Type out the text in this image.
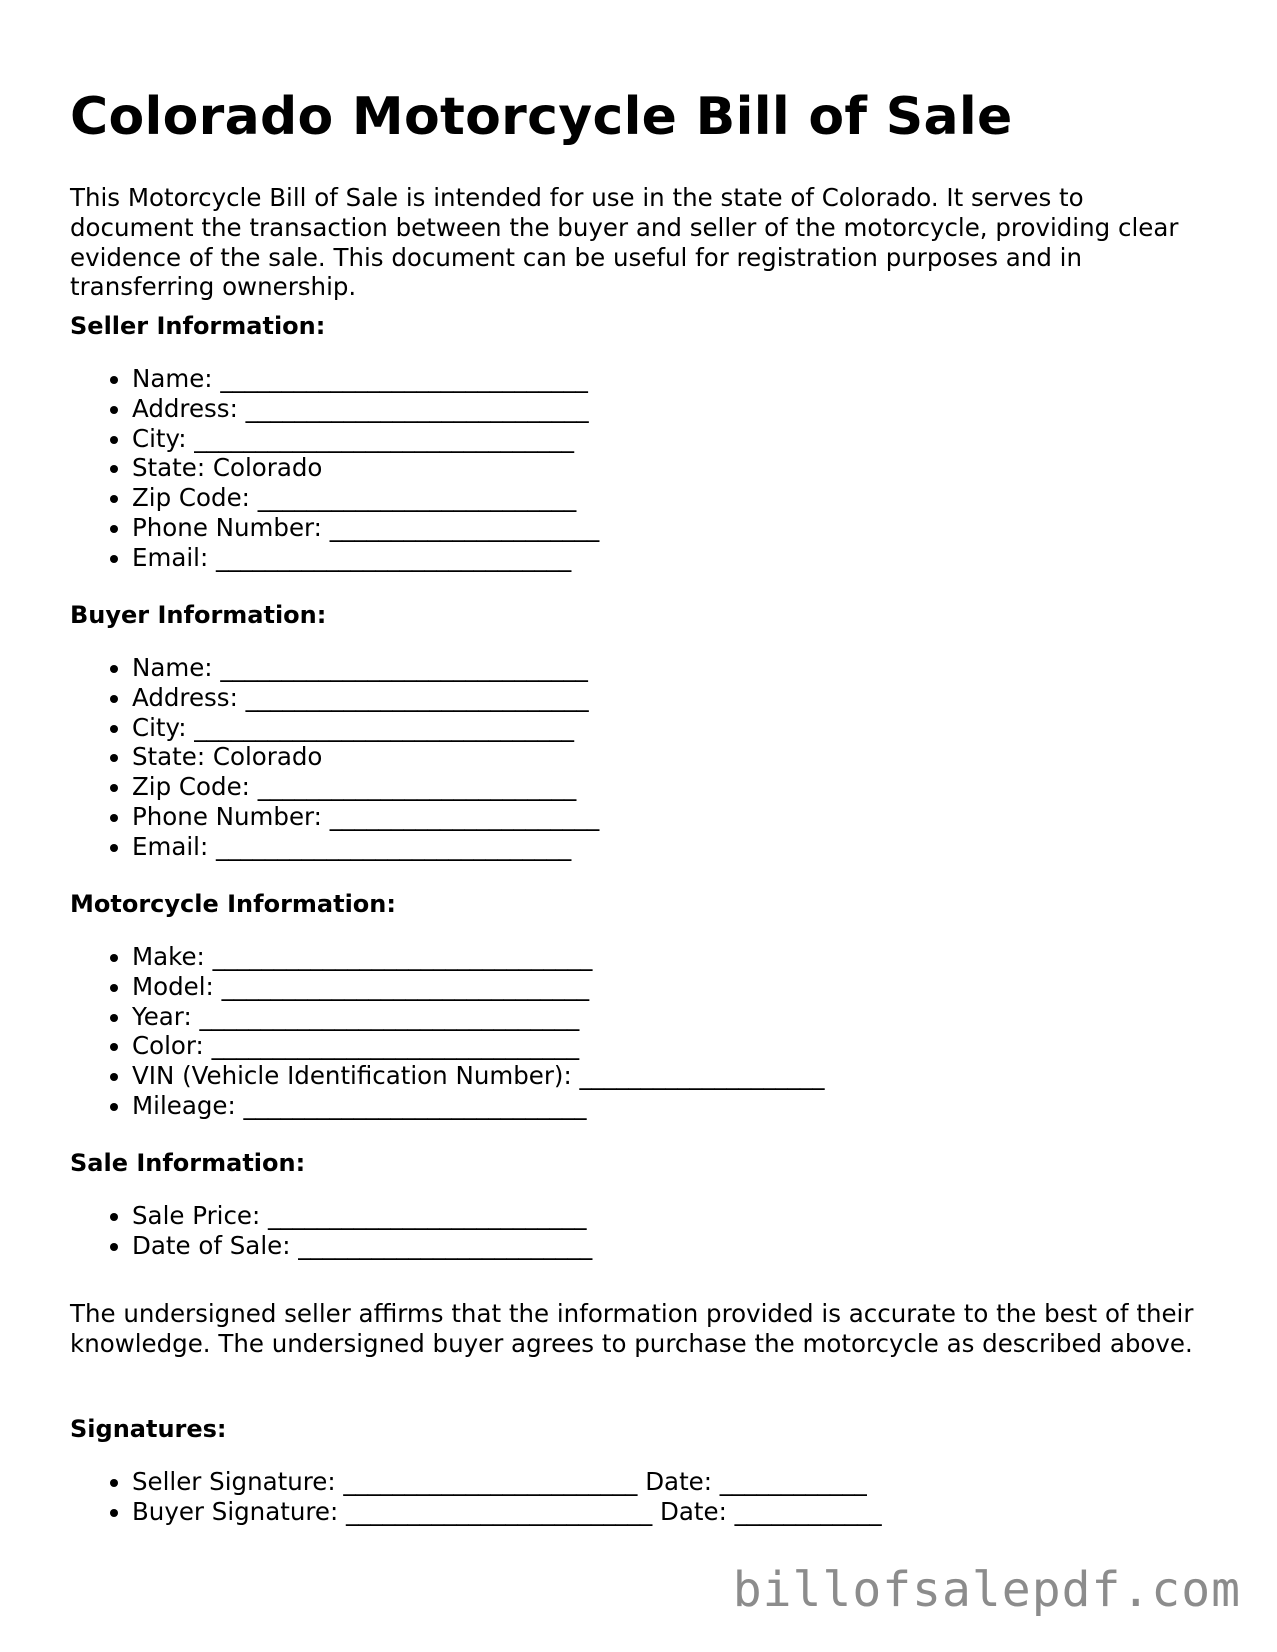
Colorado Motorcycle Bill of Sale

This Motorcycle Bill of Sale is intended for use in the state of Colorado. It serves to document the transaction between the buyer and seller of the motorcycle, providing clear evidence of the sale. This document can be useful for registration purposes and in transferring ownership.

Seller Information:
• Name: ______________________________
• Address: ____________________________
• City: _______________________________
• State: Colorado
• Zip Code: __________________________
• Phone Number: ______________________
• Email: _____________________________
Buyer Information:
• Name: ______________________________
• Address: ____________________________
• City: _______________________________
• State: Colorado
• Zip Code: __________________________
• Phone Number: ______________________
• Email: _____________________________
Motorcycle Information:
• Make: _______________________________
• Model: ______________________________
• Year: _______________________________
• Color: ______________________________
• VIN (Vehicle Identification Number): ____________________
• Mileage: ____________________________
Sale Information:
• Sale Price: __________________________
• Date of Sale: ________________________

The undersigned seller affirms that the information provided is accurate to the best of their knowledge. The undersigned buyer agrees to purchase the motorcycle as described above.

Signatures:
• Seller Signature: ________________________ Date: ____________
• Buyer Signature: _________________________ Date: ____________
billofsalepdf.com
